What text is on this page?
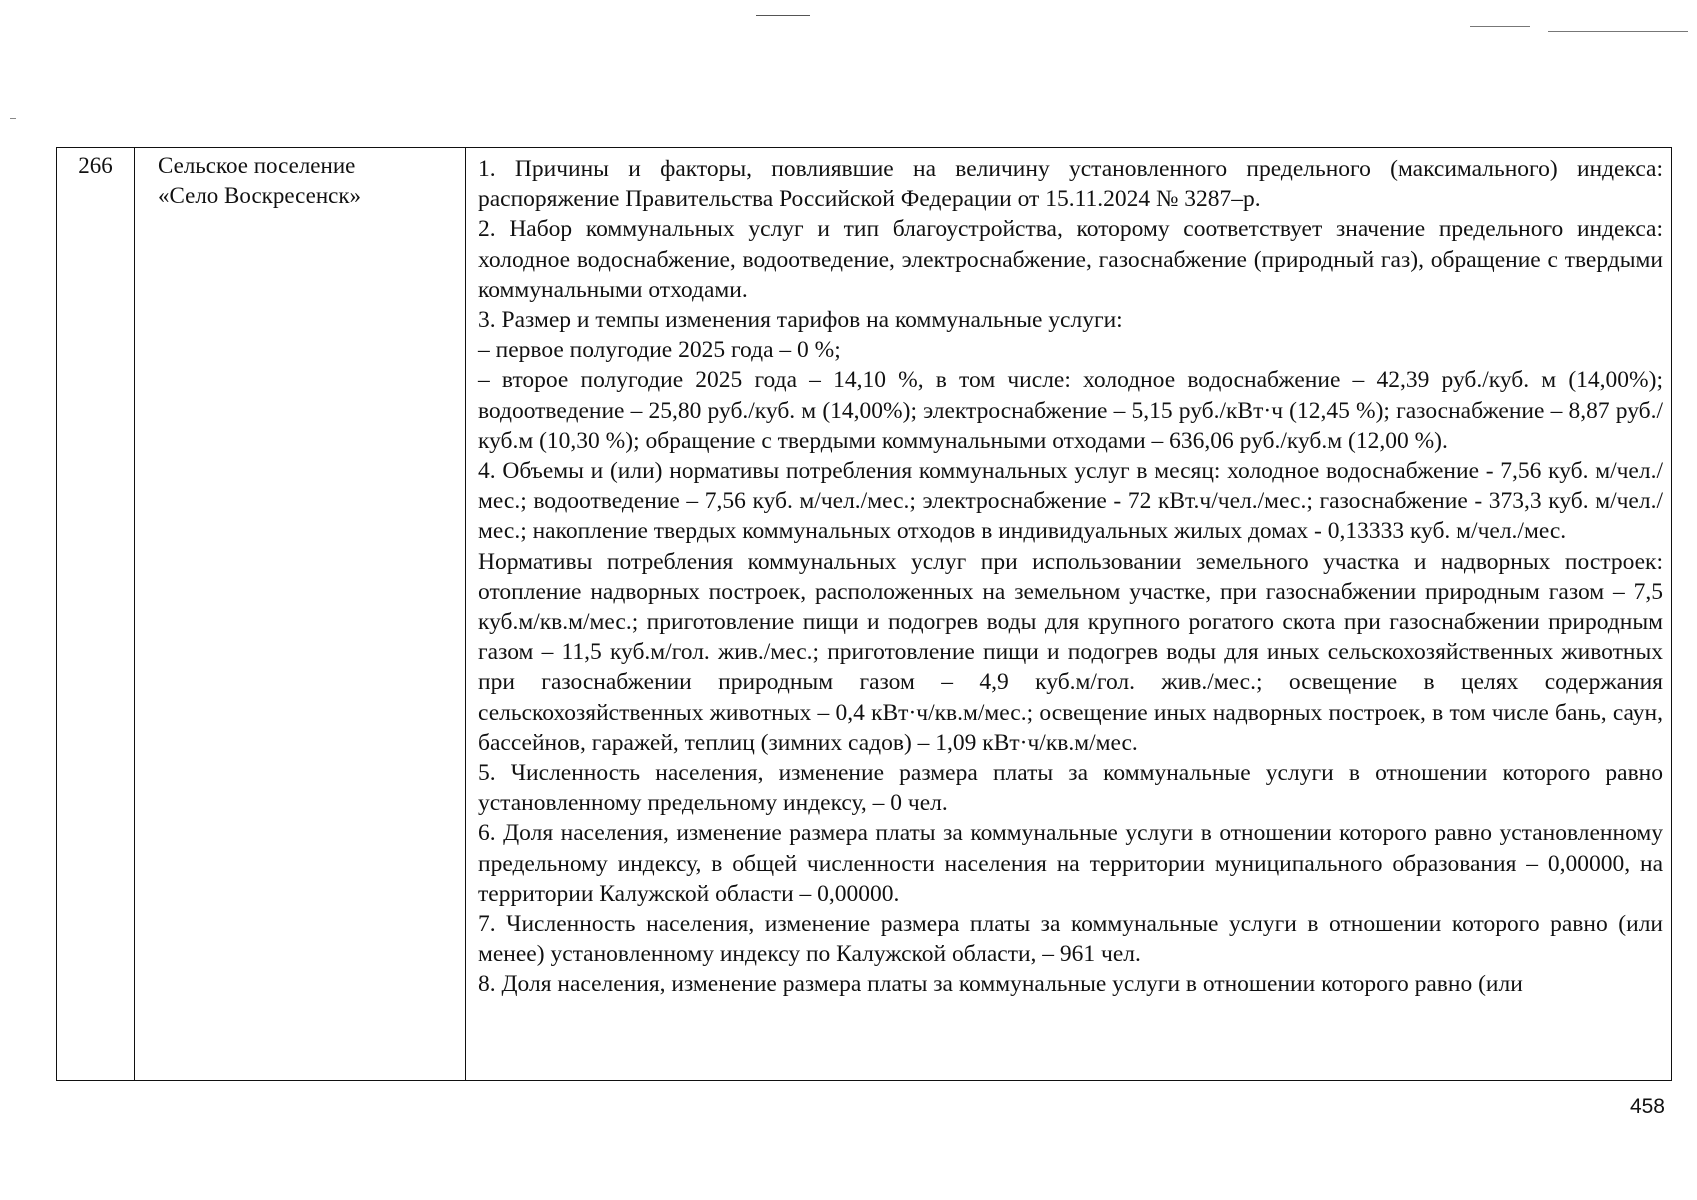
266	Сельское поселение
«Село Воскресенск»

1. Причины и факторы, повлиявшие на величину установленного предельного (максимального) индекса: распоряжение Правительства Российской Федерации от 15.11.2024 № 3287–р.

2. Набор коммунальных услуг и тип благоустройства, которому соответствует значение предельного индекса: холодное водоснабжение, водоотведение, электроснабжение, газоснабжение (природный газ), обращение с твердыми коммунальными отходами.

3. Размер и темпы изменения тарифов на коммунальные услуги:

– первое полугодие 2025 года – 0 %;

– второе полугодие 2025 года – 14,10 %, в том числе: холодное водоснабжение – 42,39 руб./куб. м (14,00%); водоотведение – 25,80 руб./куб. м (14,00%); электроснабжение – 5,15 руб./кВт·ч (12,45 %); газоснабжение – 8,87 руб./куб.м (10,30 %); обращение с твердыми коммунальными отходами – 636,06 руб./куб.м (12,00 %).

4. Объемы и (или) нормативы потребления коммунальных услуг в месяц: холодное водоснабжение - 7,56 куб. м/чел./мес.; водоотведение – 7,56 куб. м/чел./мес.; электроснабжение - 72 кВт.ч/чел./мес.; газоснабжение - 373,3 куб. м/чел./мес.; накопление твердых коммунальных отходов в индивидуальных жилых домах - 0,13333 куб. м/чел./мес.

Нормативы потребления коммунальных услуг при использовании земельного участка и надворных построек: отопление надворных построек, расположенных на земельном участке, при газоснабжении природным газом – 7,5 куб.м/кв.м/мес.; приготовление пищи и подогрев воды для крупного рогатого скота при газоснабжении природным газом – 11,5 куб.м/гол. жив./мес.; приготовление пищи и подогрев воды для иных сельскохозяйственных животных при газоснабжении природным газом – 4,9 куб.м/гол. жив./мес.; освещение в целях содержания сельскохозяйственных животных – 0,4 кВт·ч/кв.м/мес.; освещение иных надворных построек, в том числе бань, саун, бассейнов, гаражей, теплиц (зимних садов) – 1,09 кВт·ч/кв.м/мес.

5. Численность населения, изменение размера платы за коммунальные услуги в отношении которого равно установленному предельному индексу, – 0 чел.

6. Доля населения, изменение размера платы за коммунальные услуги в отношении которого равно установленному предельному индексу, в общей численности населения на территории муниципального образования – 0,00000, на территории Калужской области – 0,00000.

7. Численность населения, изменение размера платы за коммунальные услуги в отношении которого равно (или менее) установленному индексу по Калужской области, – 961 чел.

8. Доля населения, изменение размера платы за коммунальные услуги в отношении которого равно (или

458
